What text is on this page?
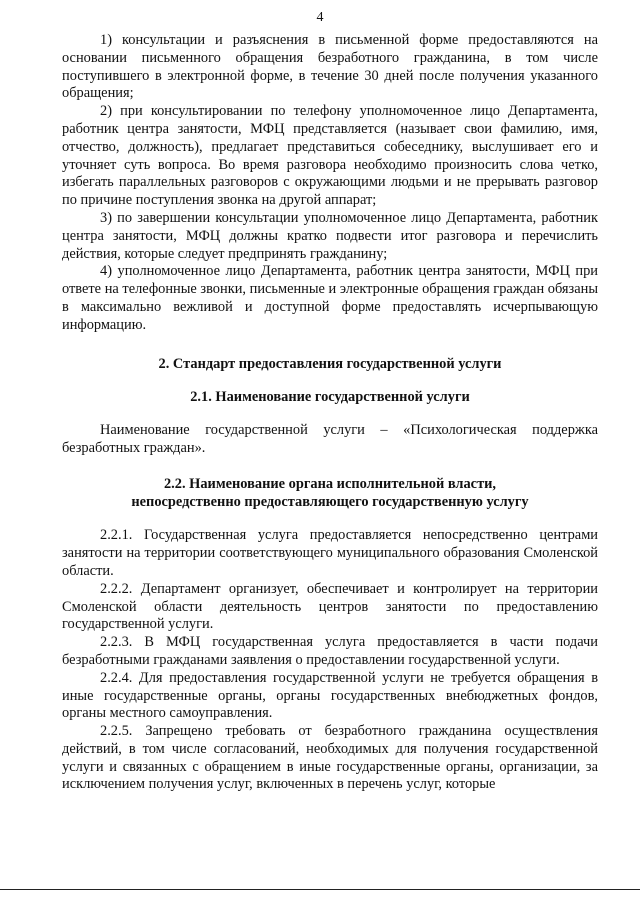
4

1) консультации и разъяснения в письменной форме предоставляются на основании письменного обращения безработного гражданина, в том числе поступившего в электронной форме, в течение 30 дней после получения указанного обращения;

2) при консультировании по телефону уполномоченное лицо Департамента, работник центра занятости, МФЦ представляется (называет свои фамилию, имя, отчество, должность), предлагает представиться собеседнику, выслушивает его и уточняет суть вопроса. Во время разговора необходимо произносить слова четко, избегать параллельных разговоров с окружающими людьми и не прерывать разговор по причине поступления звонка на другой аппарат;

3) по завершении консультации уполномоченное лицо Департамента, работник центра занятости, МФЦ должны кратко подвести итог разговора и перечислить действия, которые следует предпринять гражданину;

4) уполномоченное лицо Департамента, работник центра занятости, МФЦ при ответе на телефонные звонки, письменные и электронные обращения граждан обязаны в максимально вежливой и доступной форме предоставлять исчерпывающую информацию.

2. Стандарт предоставления государственной услуги

2.1. Наименование государственной услуги

Наименование государственной услуги – «Психологическая поддержка безработных граждан».

2.2. Наименование органа исполнительной власти,
непосредственно предоставляющего государственную услугу

2.2.1. Государственная услуга предоставляется непосредственно центрами занятости на территории соответствующего муниципального образования Смоленской области.

2.2.2. Департамент организует, обеспечивает и контролирует на территории Смоленской области деятельность центров занятости по предоставлению государственной услуги.

2.2.3. В МФЦ государственная услуга предоставляется в части подачи безработными гражданами заявления о предоставлении государственной услуги.

2.2.4. Для предоставления государственной услуги не требуется обращения в иные государственные органы, органы государственных внебюджетных фондов, органы местного самоуправления.

2.2.5. Запрещено требовать от безработного гражданина осуществления действий, в том числе согласований, необходимых для получения государственной услуги и связанных с обращением в иные государственные органы, организации, за исключением получения услуг, включенных в перечень услуг, которые
